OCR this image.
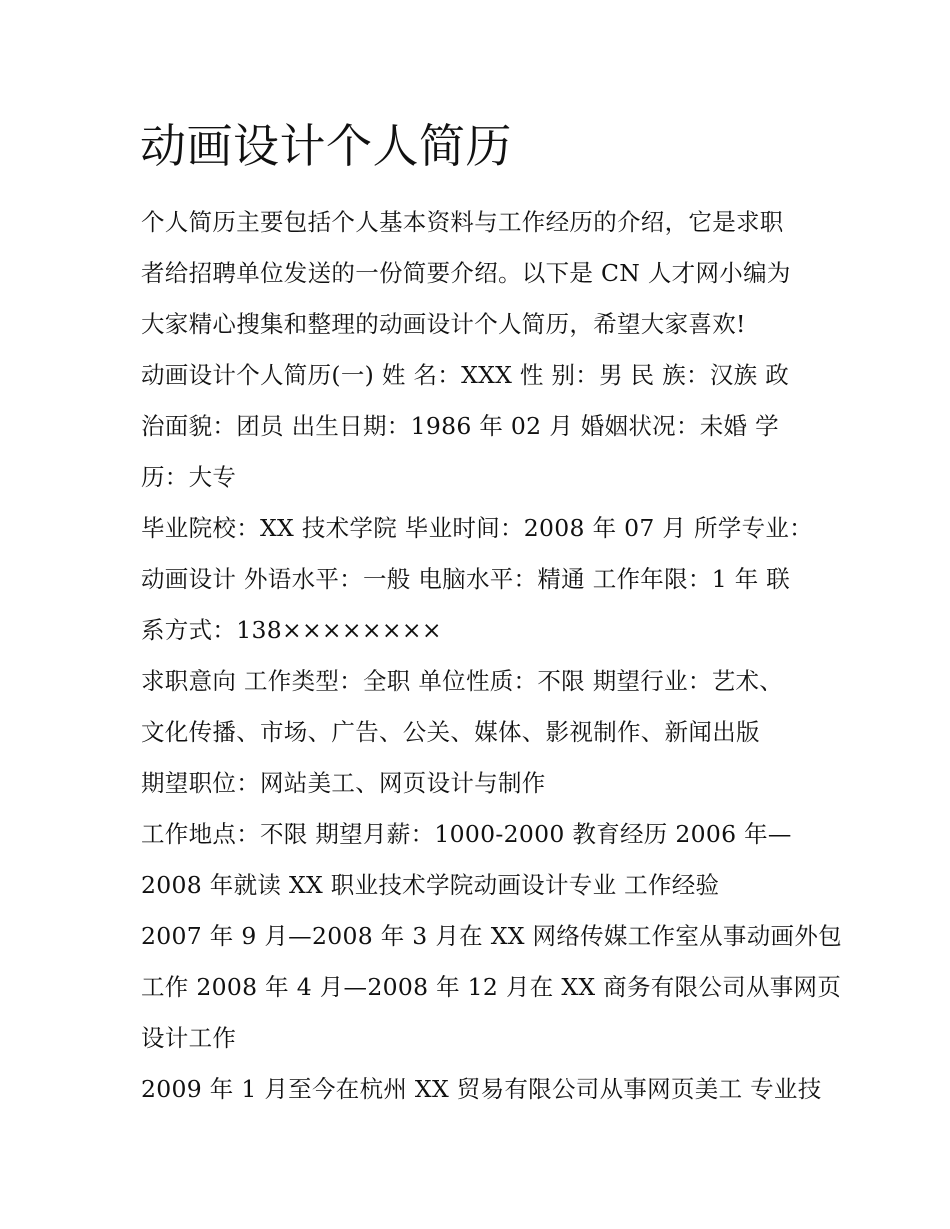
动画设计个人简历
个人简历主要包括个人基本资料与工作经历的介绍，它是求职
者给招聘单位发送的一份简要介绍。以下是 CN 人才网小编为
大家精心搜集和整理的动画设计个人简历，希望大家喜欢!
动画设计个人简历(一) 姓 名：XXX 性 别：男 民 族：汉族 政
治面貌：团员 出生日期：1986 年 02 月 婚姻状况：未婚 学
历：大专
毕业院校：XX 技术学院 毕业时间：2008 年 07 月 所学专业：
动画设计 外语水平：一般 电脑水平：精通 工作年限：1 年 联
系方式：138××××××××
求职意向 工作类型：全职 单位性质：不限 期望行业：艺术、
文化传播、市场、广告、公关、媒体、影视制作、新闻出版
期望职位：网站美工、网页设计与制作
工作地点：不限 期望月薪：1000-2000 教育经历 2006 年—
2008 年就读 XX 职业技术学院动画设计专业 工作经验
2007 年 9 月—2008 年 3 月在 XX 网络传媒工作室从事动画外包
工作 2008 年 4 月—2008 年 12 月在 XX 商务有限公司从事网页
设计工作
2009 年 1 月至今在杭州 XX 贸易有限公司从事网页美工 专业技
